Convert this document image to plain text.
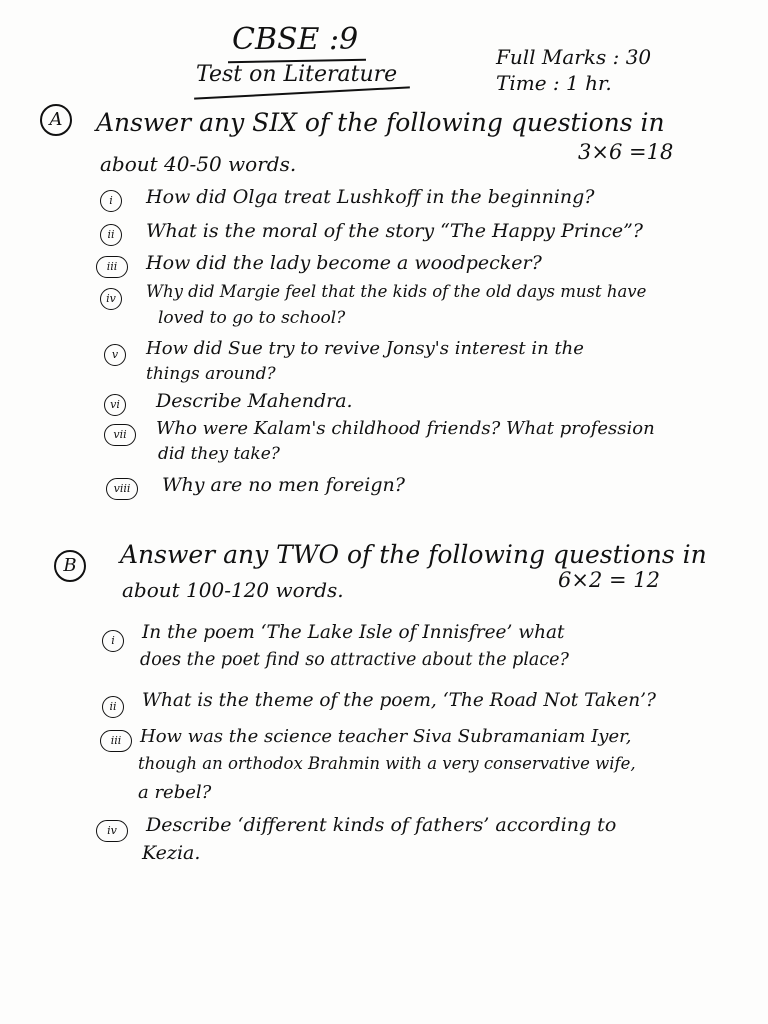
CBSE :9
Test on Literature
Full Marks : 30
Time : 1 hr.
A	Answer any SIX of the following questions in
about 40-50 words.	3×6 =18
i	How did Olga treat Lushkoff in the beginning?
ii	What is the moral of the story “The Happy Prince”?
iii	How did the lady become a woodpecker?
iv	Why did Margie feel that the kids of the old days must have
loved to go to school?
v	How did Sue try to revive Jonsy's interest in the
things around?
vi	Describe Mahendra.
vii	Who were Kalam's childhood friends? What profession
did they take?
viii	Why are no men foreign?
B	Answer any TWO of the following questions in
about 100-120 words.	6×2 = 12
i	In the poem ‘The Lake Isle of Innisfree’ what
does the poet find so attractive about the place?
ii	What is the theme of the poem, ‘The Road Not Taken’?
iii	How was the science teacher Siva Subramaniam Iyer,
though an orthodox Brahmin with a very conservative wife,
a rebel?
iv	Describe ‘different kinds of fathers’ according to
Kezia.
